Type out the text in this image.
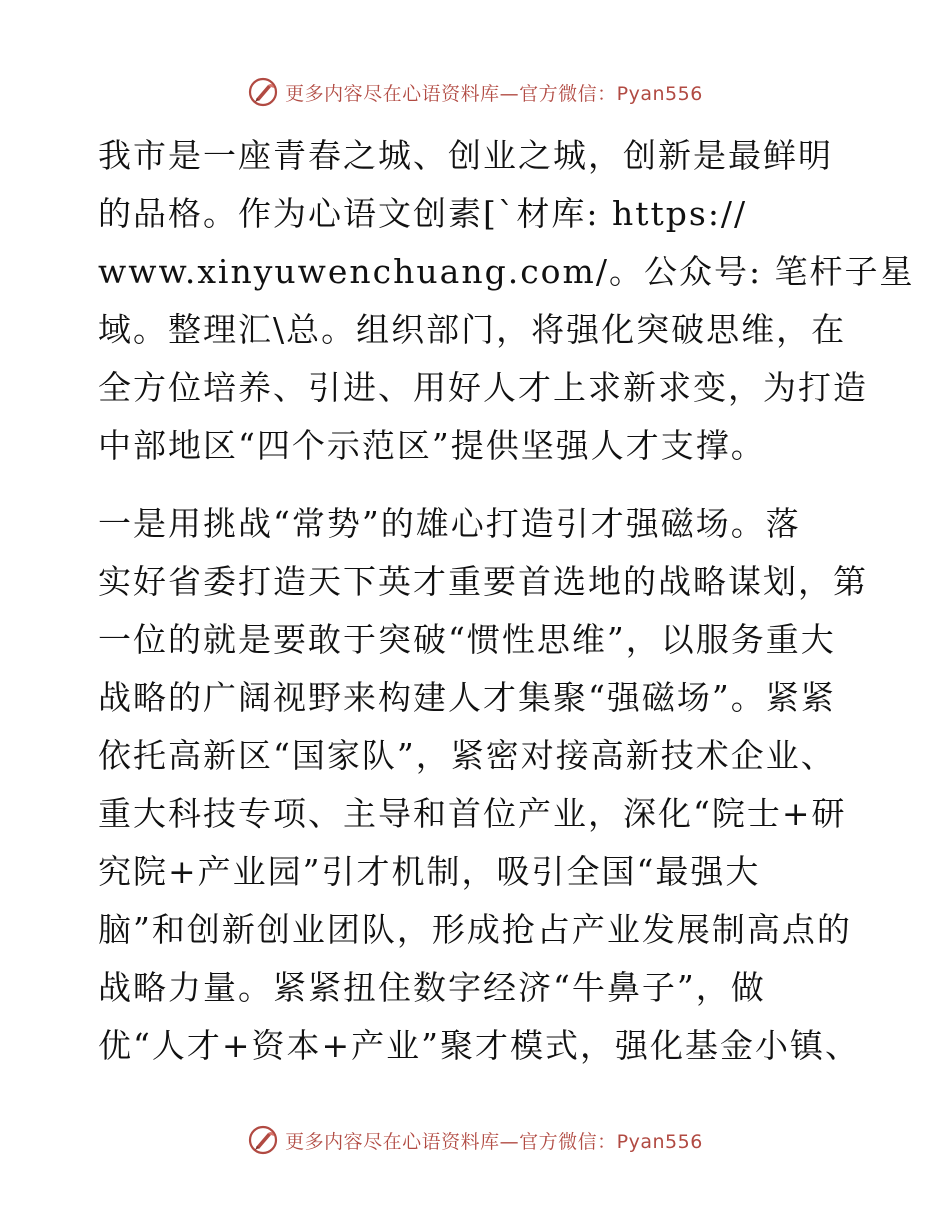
更多内容尽在心语资料库—官方微信：Pyan556

我市是一座青春之城、创业之城，创新是最鲜明
的品格。作为心语文创素[`材库: https://
www.xinyuwenchuang.com/。公众号: 笔杆子星
域。整理汇\总。组织部门，将强化突破思维，在
全方位培养、引进、用好人才上求新求变，为打造
中部地区“四个示范区”提供坚强人才支撑。

一是用挑战“常势”的雄心打造引才强磁场。落
实好省委打造天下英才重要首选地的战略谋划，第
一位的就是要敢于突破“惯性思维”，以服务重大
战略的广阔视野来构建人才集聚“强磁场”。紧紧
依托高新区“国家队”，紧密对接高新技术企业、
重大科技专项、主导和首位产业，深化“院士+研
究院+产业园”引才机制，吸引全国“最强大
脑”和创新创业团队，形成抢占产业发展制高点的
战略力量。紧紧扭住数字经济“牛鼻子”，做
优“人才+资本+产业”聚才模式，强化基金小镇、

更多内容尽在心语资料库—官方微信：Pyan556
